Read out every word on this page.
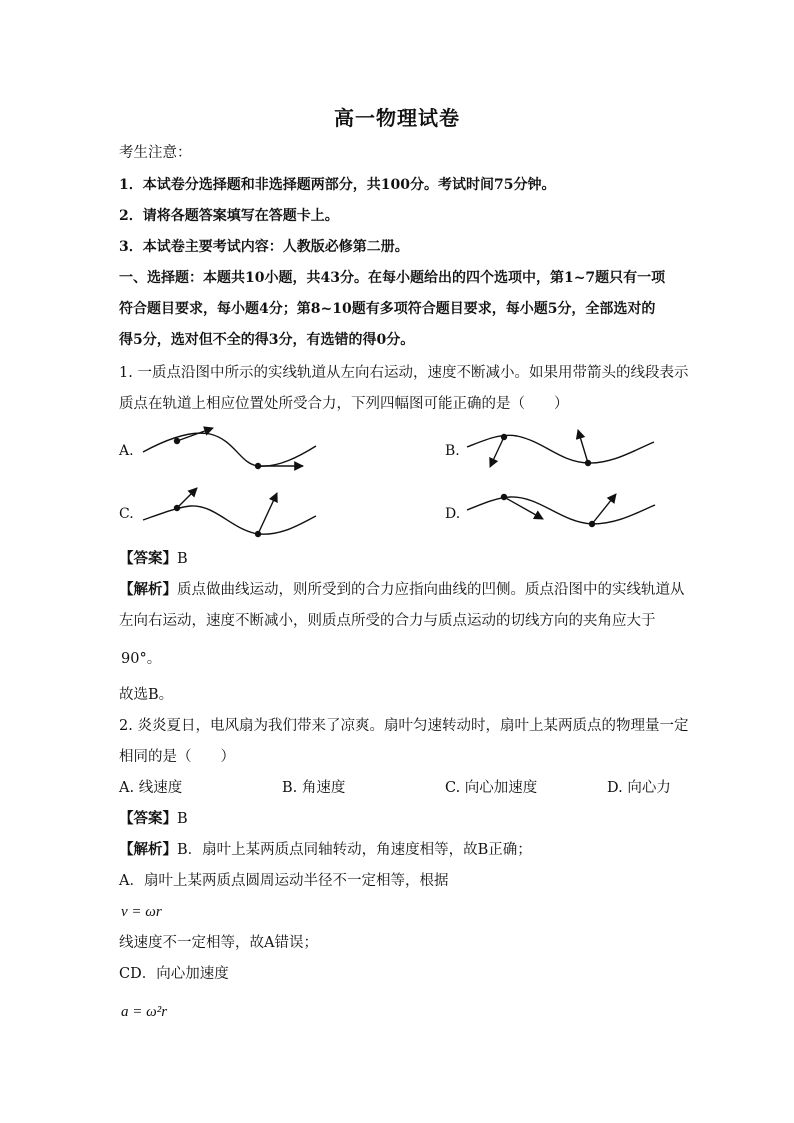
高一物理试卷
考生注意：
1．本试卷分选择题和非选择题两部分，共100分。考试时间75分钟。
2．请将各题答案填写在答题卡上。
3．本试卷主要考试内容：人教版必修第二册。
一、选择题：本题共10小题，共43分。在每小题给出的四个选项中，第1~7题只有一项
符合题目要求，每小题4分；第8~10题有多项符合题目要求，每小题5分，全部选对的
得5分，选对但不全的得3分，有选错的得0分。
1. 一质点沿图中所示的实线轨道从左向右运动，速度不断减小。如果用带箭头的线段表示
质点在轨道上相应位置处所受合力，下列四幅图可能正确的是（　　）
A.	B.
C.	D.
【答案】B
【解析】质点做曲线运动，则所受到的合力应指向曲线的凹侧。质点沿图中的实线轨道从
左向右运动，速度不断减小，则质点所受的合力与质点运动的切线方向的夹角应大于
90°。
故选B。
2. 炎炎夏日，电风扇为我们带来了凉爽。扇叶匀速转动时，扇叶上某两质点的物理量一定
相同的是（　　）
A. 线速度	B. 角速度	C. 向心加速度	D. 向心力
【答案】B
【解析】B．扇叶上某两质点同轴转动，角速度相等，故B正确；
A．扇叶上某两质点圆周运动半径不一定相等，根据
v = ωr
线速度不一定相等，故A错误；
CD．向心加速度
a = ω²r
